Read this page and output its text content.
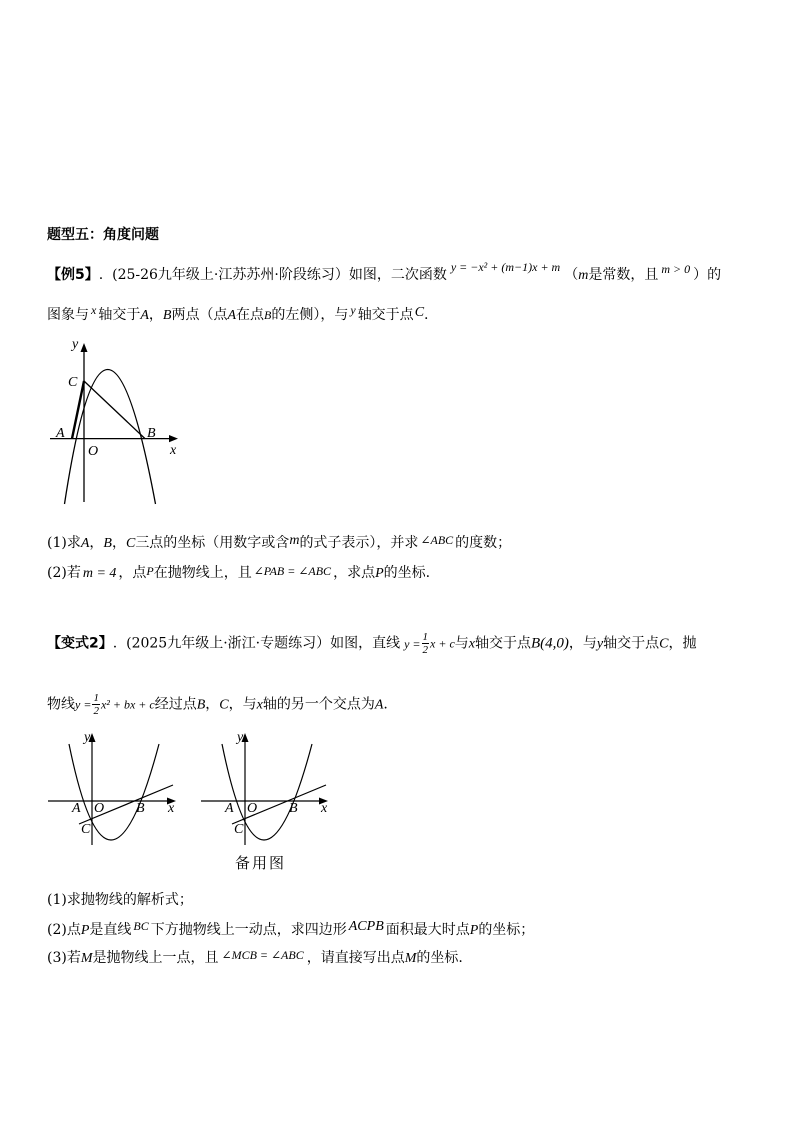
题型五：角度问题
【例5】.  (25-26九年级上·江苏苏州·阶段练习）如图，二次函数 y = −x² + (m−1)x + m （m是常数，且 m > 0 ）的
图象与 x 轴交于A，B两点（点A在点B的左侧），与 y 轴交于点C.
y
x
C
A	B
O
(1)求A，B，C三点的坐标（用数字或含m的式子表示），并求 ∠ABC 的度数；
(2)若 m = 4 ，点P在抛物线上，且 ∠PAB = ∠ABC ，求点P的坐标.
【变式2】.  (2025九年级上·浙江·专题练习）如图，直线 $y = \frac{1}{2}$ x + c与x轴交于点B(4,0)，与y轴交于点C，抛
物线$y = \frac{1}{2} x^2$ + bx + c经过点B，C，与x轴的另一个交点为A.
y
x
A O B
C
y
x
A O B
C
备用图
(1)求抛物线的解析式；
(2)点P是直线 BC 下方抛物线上一动点，求四边形 ACPB 面积最大时点P的坐标；
(3)若M是抛物线上一点，且 ∠MCB = ∠ABC ，请直接写出点M的坐标.
